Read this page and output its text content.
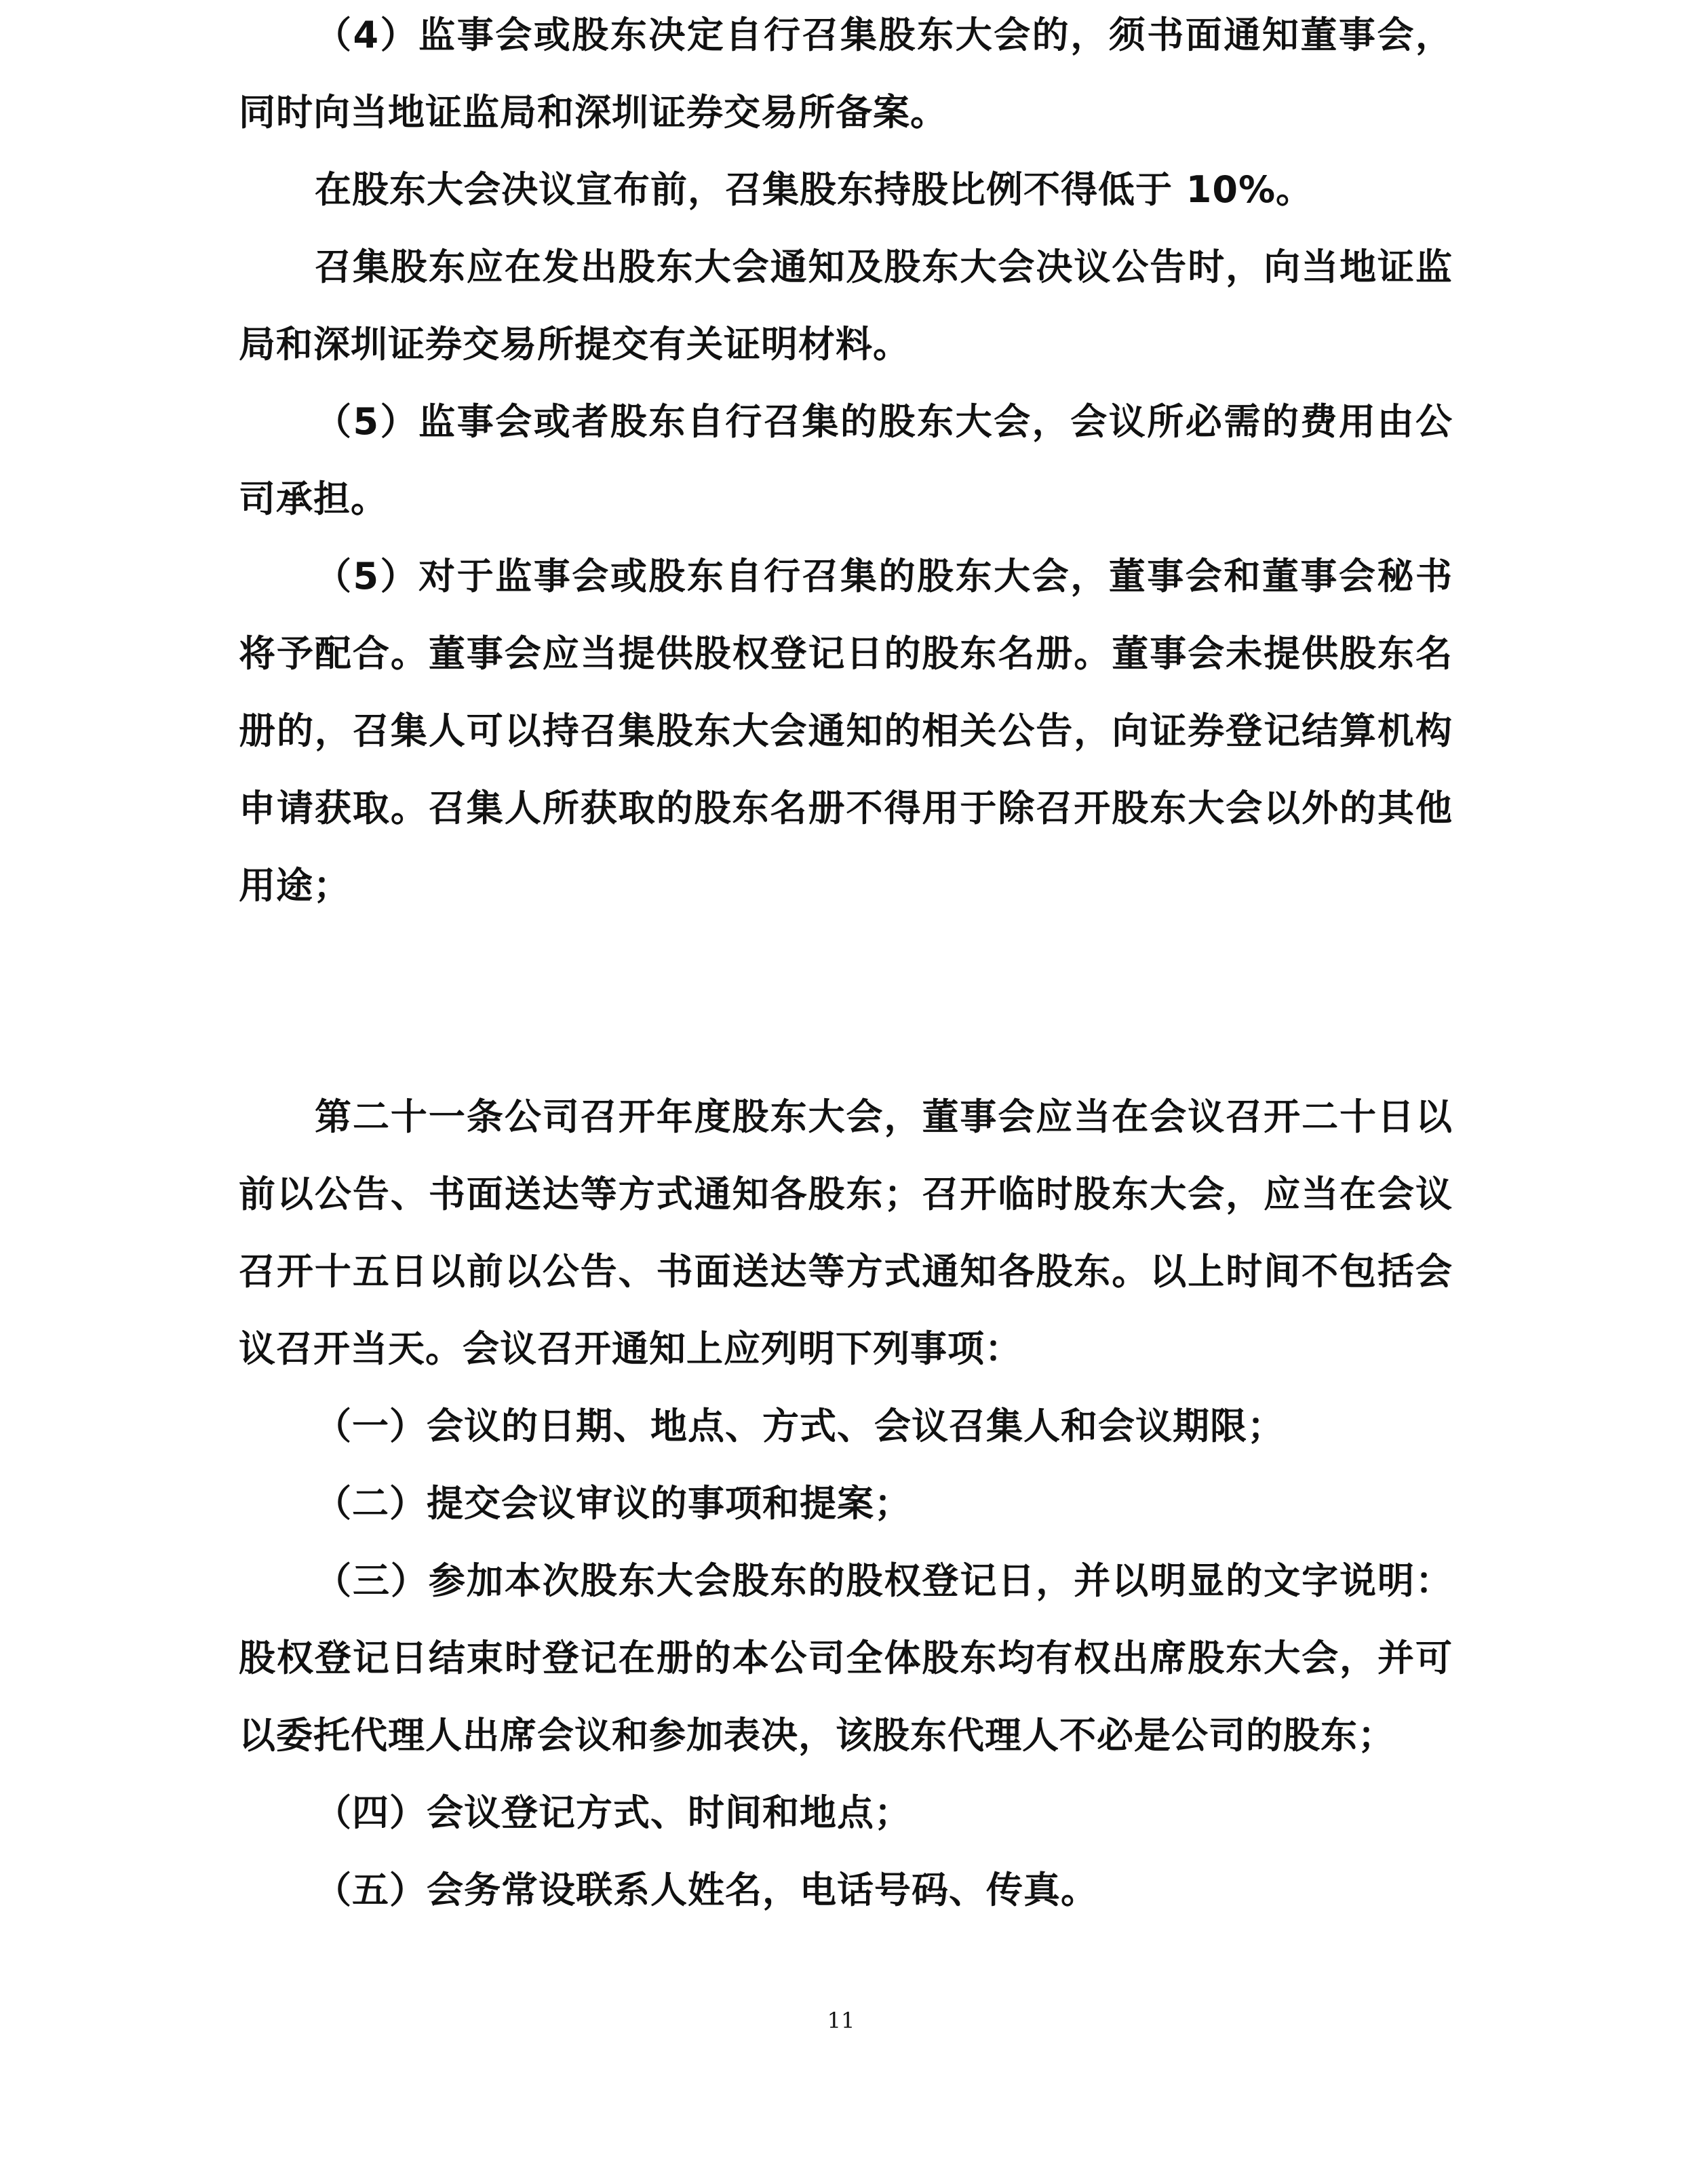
（4）监事会或股东决定自行召集股东大会的，须书面通知董事会，同时向当地证监局和深圳证券交易所备案。

在股东大会决议宣布前，召集股东持股比例不得低于 10%。

召集股东应在发出股东大会通知及股东大会决议公告时，向当地证监局和深圳证券交易所提交有关证明材料。

（5）监事会或者股东自行召集的股东大会，会议所必需的费用由公司承担。

（5）对于监事会或股东自行召集的股东大会，董事会和董事会秘书将予配合。董事会应当提供股权登记日的股东名册。董事会未提供股东名册的，召集人可以持召集股东大会通知的相关公告，向证券登记结算机构申请获取。召集人所获取的股东名册不得用于除召开股东大会以外的其他用途；

第二十一条公司召开年度股东大会，董事会应当在会议召开二十日以前以公告、书面送达等方式通知各股东；召开临时股东大会，应当在会议召开十五日以前以公告、书面送达等方式通知各股东。以上时间不包括会议召开当天。会议召开通知上应列明下列事项：

（一）会议的日期、地点、方式、会议召集人和会议期限；

（二）提交会议审议的事项和提案；

（三）参加本次股东大会股东的股权登记日，并以明显的文字说明：股权登记日结束时登记在册的本公司全体股东均有权出席股东大会，并可以委托代理人出席会议和参加表决，该股东代理人不必是公司的股东；

（四）会议登记方式、时间和地点；

（五）会务常设联系人姓名，电话号码、传真。

11
